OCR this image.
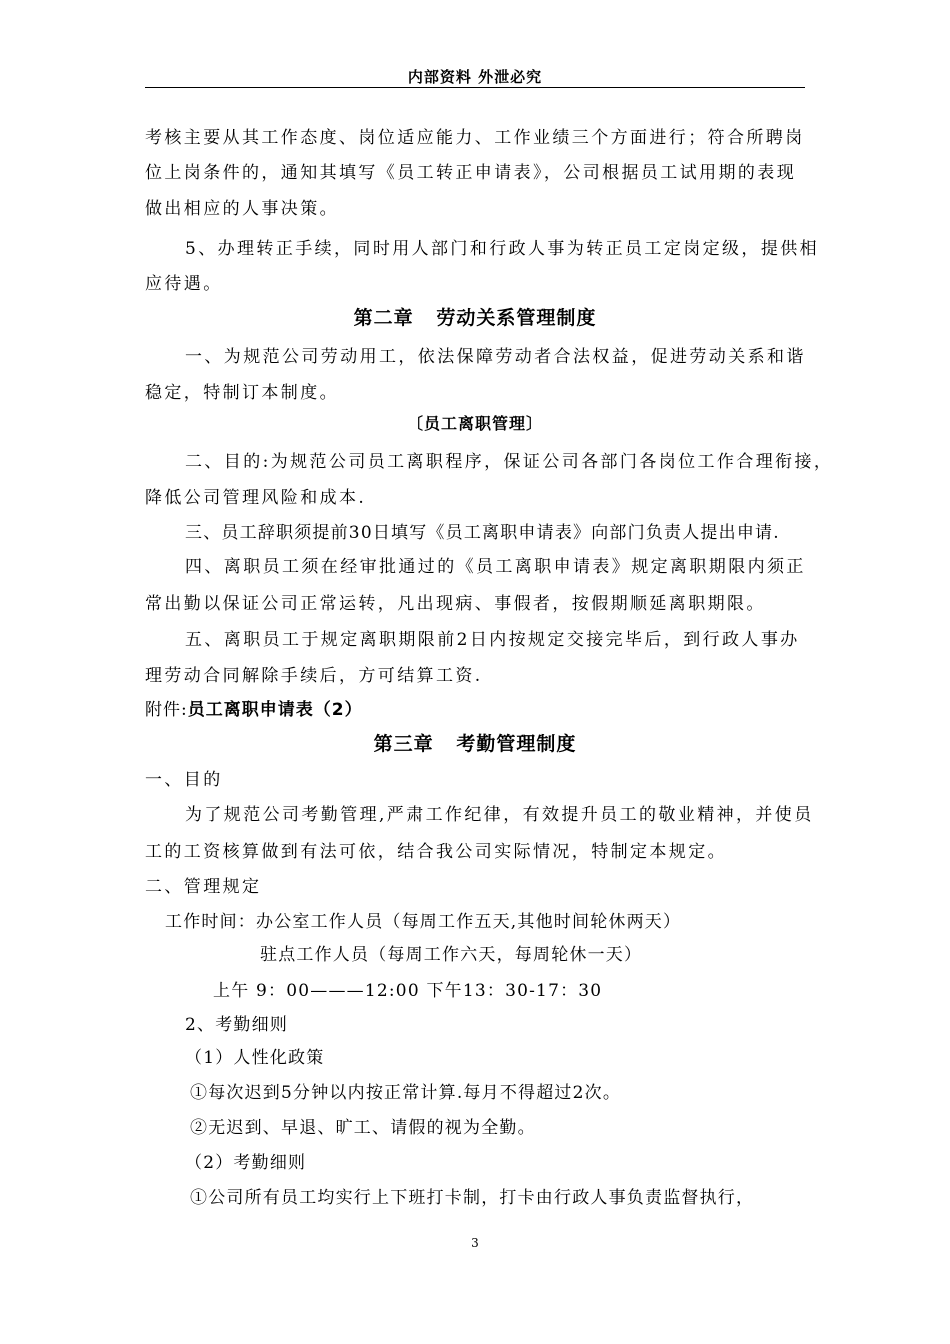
内部资料 外泄必究
考核主要从其工作态度、岗位适应能力、工作业绩三个方面进行；符合所聘岗
位上岗条件的，通知其填写《员工转正申请表》，公司根据员工试用期的表现
做出相应的人事决策。
5、办理转正手续，同时用人部门和行政人事为转正员工定岗定级，提供相
应待遇。
第二章   劳动关系管理制度
一、为规范公司劳动用工，依法保障劳动者合法权益，促进劳动关系和谐
稳定，特制订本制度。
〔员工离职管理〕
二、目的:为规范公司员工离职程序，保证公司各部门各岗位工作合理衔接，
降低公司管理风险和成本.
三、员工辞职须提前30日填写《员工离职申请表》向部门负责人提出申请.
四、离职员工须在经审批通过的《员工离职申请表》规定离职期限内须正
常出勤以保证公司正常运转，凡出现病、事假者，按假期顺延离职期限。
五、离职员工于规定离职期限前2日内按规定交接完毕后，到行政人事办
理劳动合同解除手续后，方可结算工资.
附件:员工离职申请表（2）
第三章   考勤管理制度
一、目的
为了规范公司考勤管理,严肃工作纪律，有效提升员工的敬业精神，并使员
工的工资核算做到有法可依，结合我公司实际情况，特制定本规定。
二、管理规定
工作时间：办公室工作人员（每周工作五天,其他时间轮休两天）
驻点工作人员（每周工作六天，每周轮休一天）
上午 9：00———12:00 下午13：30-17：30
2、考勤细则
（1）人性化政策
①每次迟到5分钟以内按正常计算.每月不得超过2次。
②无迟到、早退、旷工、请假的视为全勤。
（2）考勤细则
①公司所有员工均实行上下班打卡制，打卡由行政人事负责监督执行，
3
